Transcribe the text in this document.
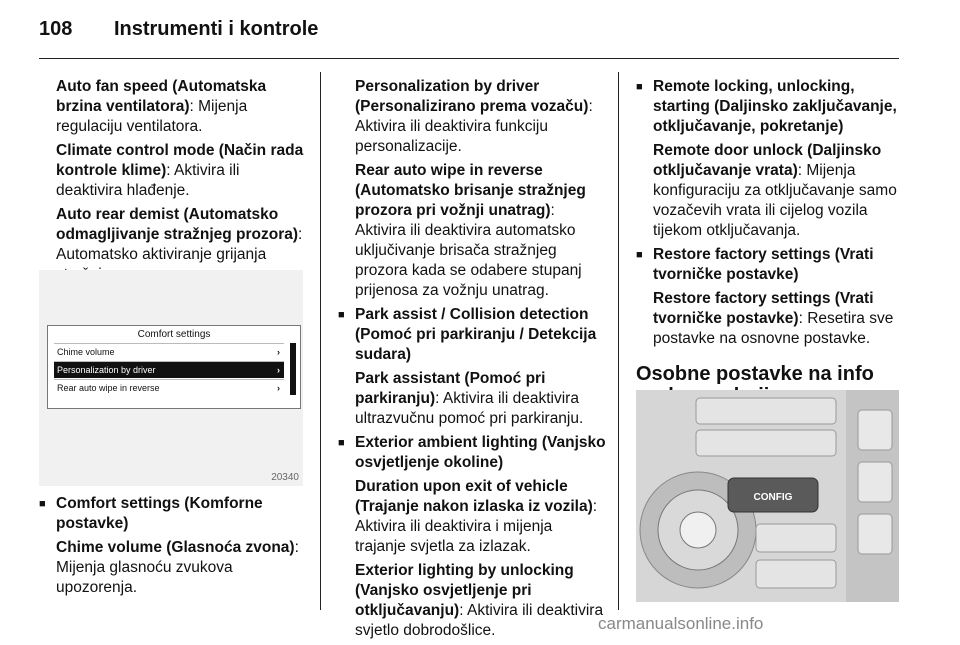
108 Instrumenti i kontrole

Auto fan speed (Automatska brzina ventilatora): Mijenja regulaciju ventilatora.

Climate control mode (Način rada kontrole klime): Aktivira ili deaktivira hlađenje.

Auto rear demist (Automatsko odmagljivanje stražnjeg prozora): Automatsko aktiviranje grijanja

Comfort settings
Chime volume	›
Personalization by driver	›
Rear auto wipe in reverse	›
20340

■ Comfort settings (Komforne postavke)

Chime volume (Glasnoća zvona): Mijenja glasnoću zvukova upozorenja.

Personalization by driver (Personalizirano prema vozaču): Aktivira ili deaktivira funkciju personalizacije.

Rear auto wipe in reverse (Automatsko brisanje stražnjeg prozora pri vožnji unatrag): Aktivira ili deaktivira automatsko uključivanje brisača stražnjeg prozora kada se odabere stupanj prijenosa za vožnju unatrag.

■ Park assist / Collision detection (Pomoć pri parkiranju / Detekcija sudara)

Park assistant (Pomoć pri parkiranju): Aktivira ili deaktivira ultrazvučnu pomoć pri parkiranju.

■ Exterior ambient lighting (Vanjsko osvjetljenje okoline)

Duration upon exit of vehicle (Trajanje nakon izlaska iz vozila): Aktivira ili deaktivira i mijenja trajanje svjetla za izlazak.

Exterior lighting by unlocking (Vanjsko osvjetljenje pri otključavanju): Aktivira ili deaktivira svjetlo dobrodošlice.

■ Remote locking, unlocking, starting (Daljinsko zaključavanje, otključavanje, pokretanje)

Remote door unlock (Daljinsko otključavanje vrata): Mijenja konfiguraciju za otključavanje samo vozačevih vrata ili cijelog vozila tijekom otključavanja.

■ Restore factory settings (Vrati tvorničke postavke)

Restore factory settings (Vrati tvorničke postavke): Resetira sve postavke na osnovne postavke.

Osobne postavke na info
CONFIG
carmanualsonline.info
